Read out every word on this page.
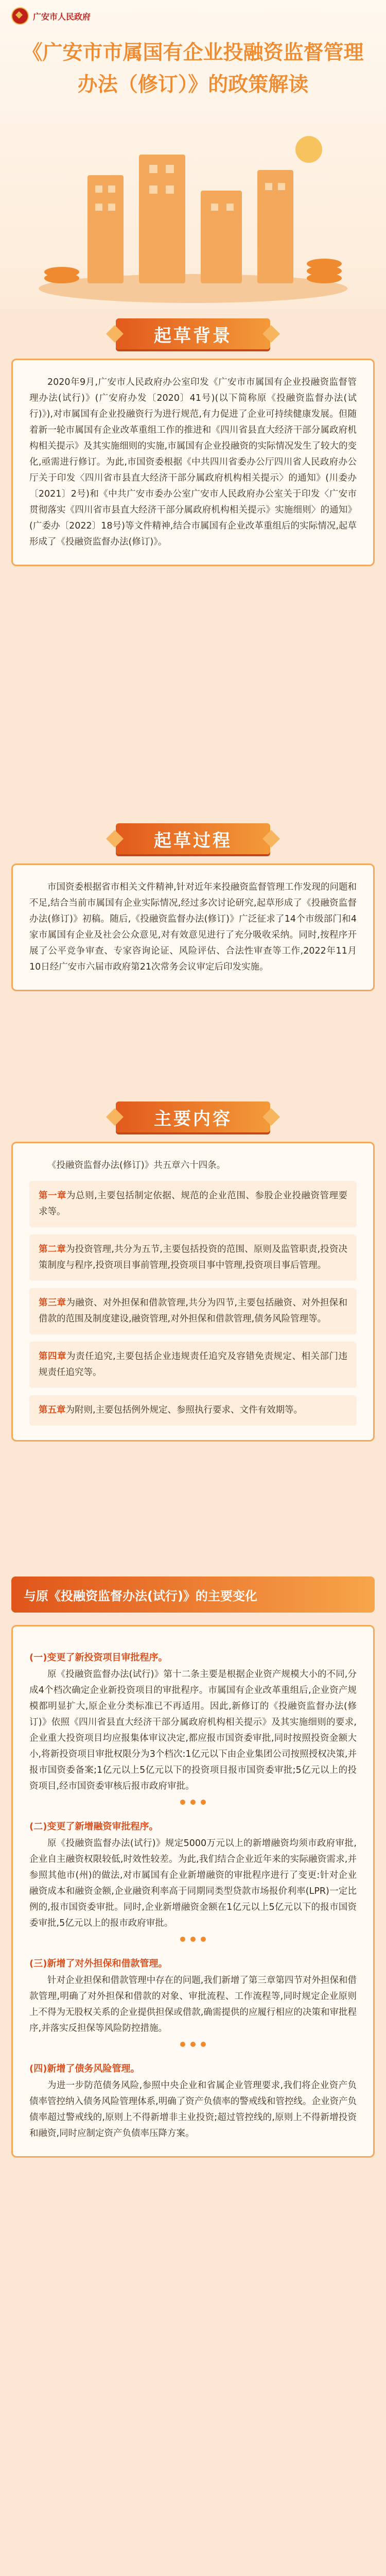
广安市人民政府
《广安市市属国有企业投融资监督管理办法（修订）》的政策解读
起草背景

2020年9月,广安市人民政府办公室印发《广安市市属国有企业投融资监督管理办法(试行)》(广安府办发〔2020〕41号)(以下简称原《投融资监督办法(试行)》),对市属国有企业投融资行为进行规范,有力促进了企业可持续健康发展。但随着新一轮市属国有企业改革重组工作的推进和《四川省县直大经济干部分属政府机构相关提示》及其实施细则的实施,市属国有企业投融资的实际情况发生了较大的变化,亟需进行修订。为此,市国资委根据《中共四川省委办公厅四川省人民政府办公厅关于印发〈四川省市县直大经济干部分属政府机构相关提示〉的通知》(川委办〔2021〕2号)和《中共广安市委办公室广安市人民政府办公室关于印发〈广安市贯彻落实《四川省市县直大经济干部分属政府机构相关提示》实施细则〉的通知》(广委办〔2022〕18号)等文件精神,结合市属国有企业改革重组后的实际情况,起草形成了《投融资监督办法(修订)》。

起草过程

市国资委根据省市相关文件精神,针对近年来投融资监督管理工作发现的问题和不足,结合当前市属国有企业实际情况,经过多次讨论研究,起草形成了《投融资监督办法(修订)》初稿。随后,《投融资监督办法(修订)》广泛征求了14个市级部门和4家市属国有企业及社会公众意见,对有效意见进行了充分吸收采纳。同时,按程序开展了公平竞争审查、专家咨询论证、风险评估、合法性审查等工作,2022年11月10日经广安市六届市政府第21次常务会议审定后印发实施。

主要内容

《投融资监督办法(修订)》共五章六十四条。

第一章为总则,主要包括制定依据、规范的企业范围、参股企业投融资管理要求等。
第二章为投资管理,共分为五节,主要包括投资的范围、原则及监管职责,投资决策制度与程序,投资项目事前管理,投资项目事中管理,投资项目事后管理。
第三章为融资、对外担保和借款管理,共分为四节,主要包括融资、对外担保和借款的范围及制度建设,融资管理,对外担保和借款管理,债务风险管理等。
第四章为责任追究,主要包括企业违规责任追究及容错免责规定、相关部门违规责任追究等。
第五章为附则,主要包括例外规定、参照执行要求、文件有效期等。
与原《投融资监督办法(试行)》的主要变化
(一)变更了新投资项目审批程序。

原《投融资监督办法(试行)》第十二条主要是根据企业资产规模大小的不同,分成4个档次确定企业新投资项目的审批程序。市属国有企业改革重组后,企业资产规模都明显扩大,原企业分类标准已不再适用。因此,新修订的《投融资监督办法(修订)》依照《四川省县直大经济干部分属政府机构相关提示》及其实施细则的要求,企业重大投资项目均应报集体审议决定,都应报市国资委审批,同时按照投资金额大小,将新投资项目审批权限分为3个档次:1亿元以下由企业集团公司按照授权决策,并报市国资委备案;1亿元以上5亿元以下的投资项目报市国资委审批;5亿元以上的投资项目,经市国资委审核后报市政府审批。

(二)变更了新增融资审批程序。

原《投融资监督办法(试行)》规定5000万元以上的新增融资均须市政府审批,企业自主融资权限较低,时效性较差。为此,我们结合企业近年来的实际融资需求,并参照其他市(州)的做法,对市属国有企业新增融资的审批程序进行了变更:针对企业融资成本和融资金额,企业融资利率高于同期同类型贷款市场报价利率(LPR)一定比例的,报市国资委审批。同时,企业新增融资金额在1亿元以上5亿元以下的报市国资委审批,5亿元以上的报市政府审批。

(三)新增了对外担保和借款管理。

针对企业担保和借款管理中存在的问题,我们新增了第三章第四节对外担保和借款管理,明确了对外担保和借款的对象、审批流程、工作流程等,同时规定企业原则上不得为无股权关系的企业提供担保或借款,确需提供的应履行相应的决策和审批程序,并落实反担保等风险防控措施。

(四)新增了债务风险管理。

为进一步防范债务风险,参照中央企业和省属企业管理要求,我们将企业资产负债率管控纳入债务风险管理体系,明确了资产负债率的警戒线和管控线。企业资产负债率超过警戒线的,原则上不得新增非主业投资;超过管控线的,原则上不得新增投资和融资,同时应制定资产负债率压降方案。
